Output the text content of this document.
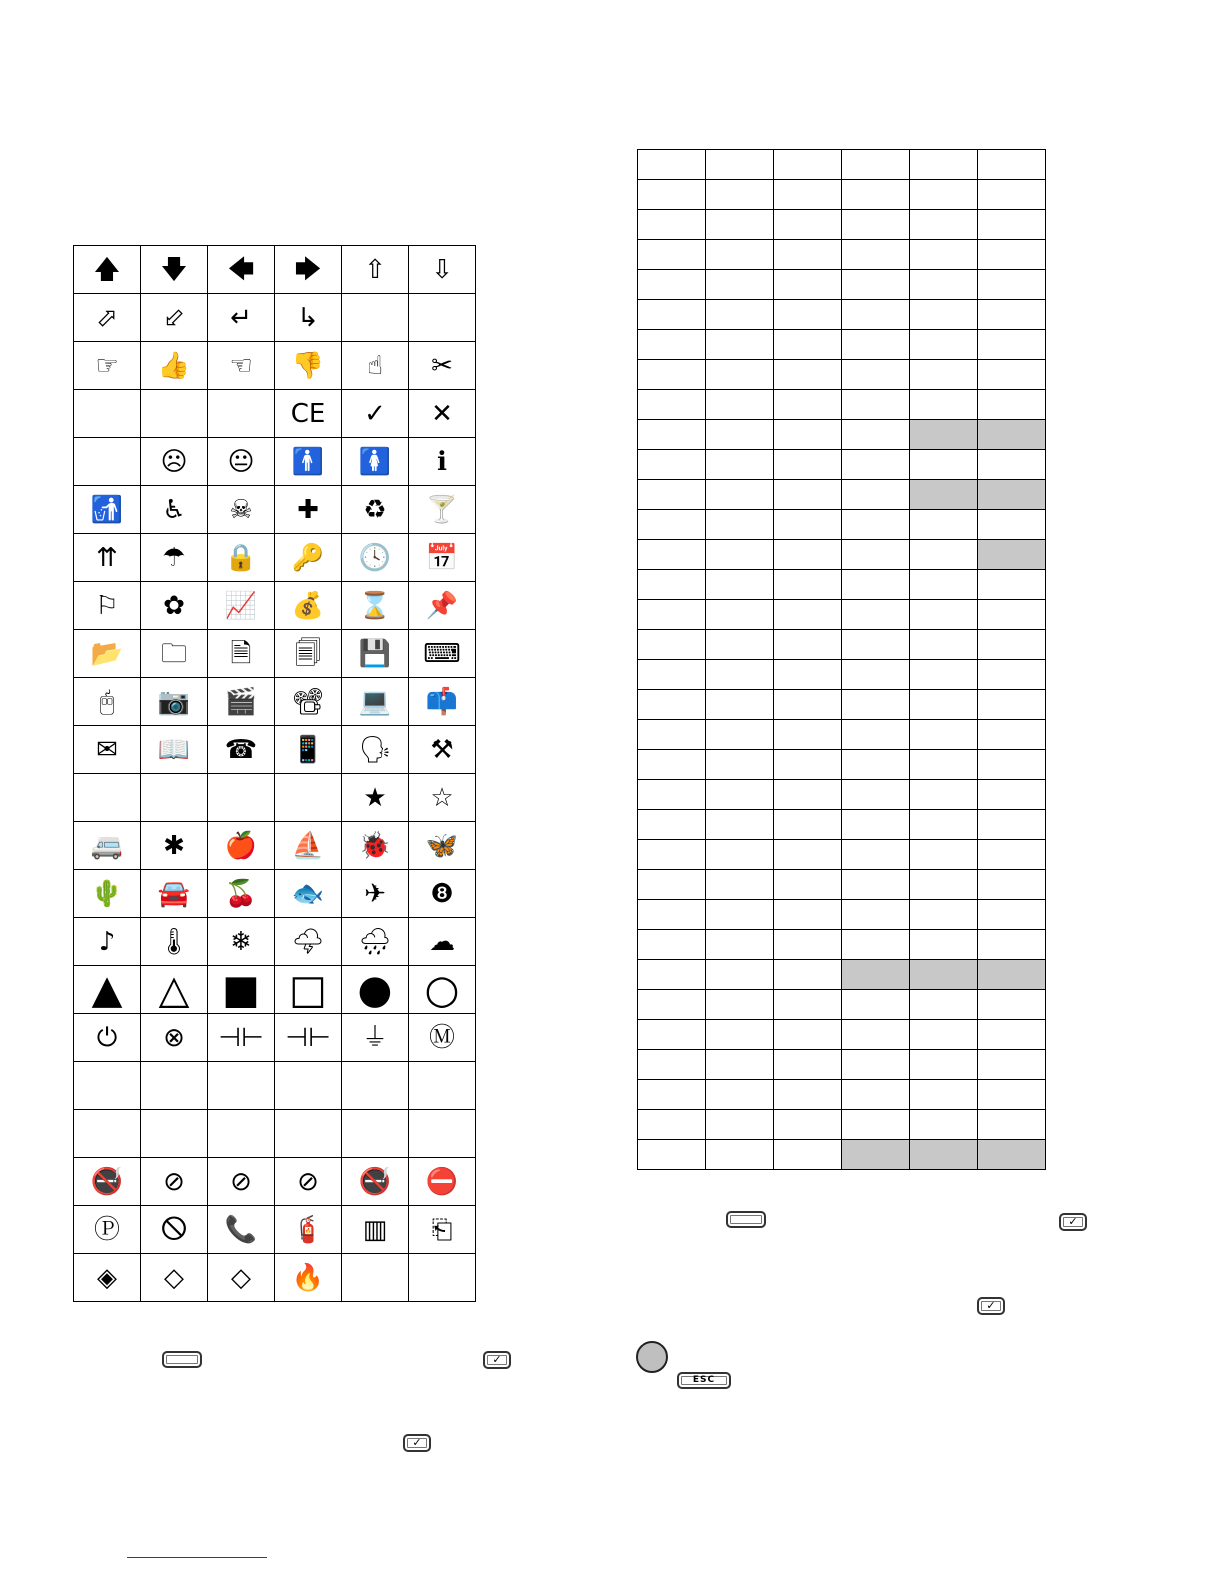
🡅	🡇	🡄	🡆	⇧	⇩
⬀	⬃	↵	↳		
☞	👍	☜	👎	☝	✂
			CE	✓	✕
	☹	😐	🚹	🚺	ℹ
🚮	♿	☠	✚	♻	🍸
⇈	☂	🔒	🔑	🕓	📅
⚐	✿	📈	💰	⌛	📌
📂	🗀	🗎	🗐	💾	⌨
🖰	📷	🎬	📽	💻	📫
✉	📖	☎	📱	🗣	⚒
				★	☆
🚐	✱	🍎	⛵	🐞	🦋
🌵	🚘	🍒	🐟	✈	❽
♪	🌡	❄	🌩	🌧	☁
▲	△	■	□	●	○
⏻	⊗	⊣⊢	⊣⊢	⏚	Ⓜ

🚭	⊘	⊘	⊘	🚭	⛔
Ⓟ	🛇	📞	🧯	▥	⎗
◈	◇	◇	🔥		

✓
✓
✓
✓
ESC
